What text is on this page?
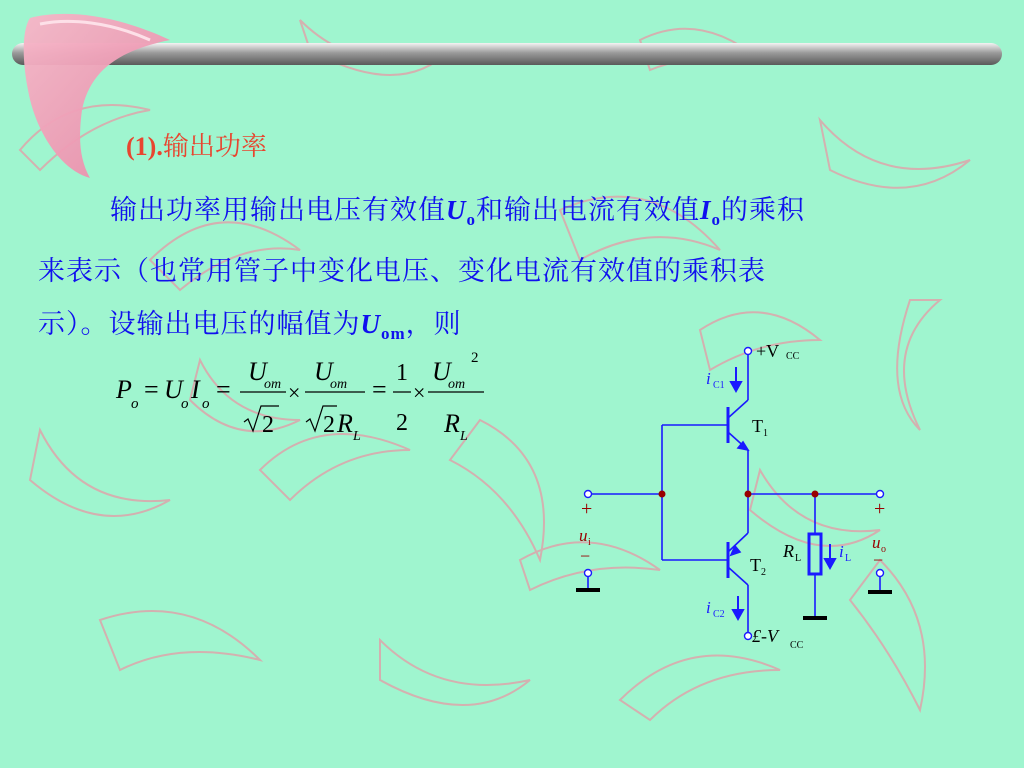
(1).输出功率

输出功率用输出电压有效值$U_o$和输出电流有效值$I_o$的乘积
来表示（也常用管子中变化电压、变化电流有效值的乘积表
示）。设输出电压的幅值为$U_{om}$，则

P o = U
o I o =
U
om
2
×
U
om
2 R L
=
1
2
×
U
om
2
R L
+V CC
£-V CC
i C1
i C2
T 1
T 2
R L i L
+
u i
−
+
u o
−
